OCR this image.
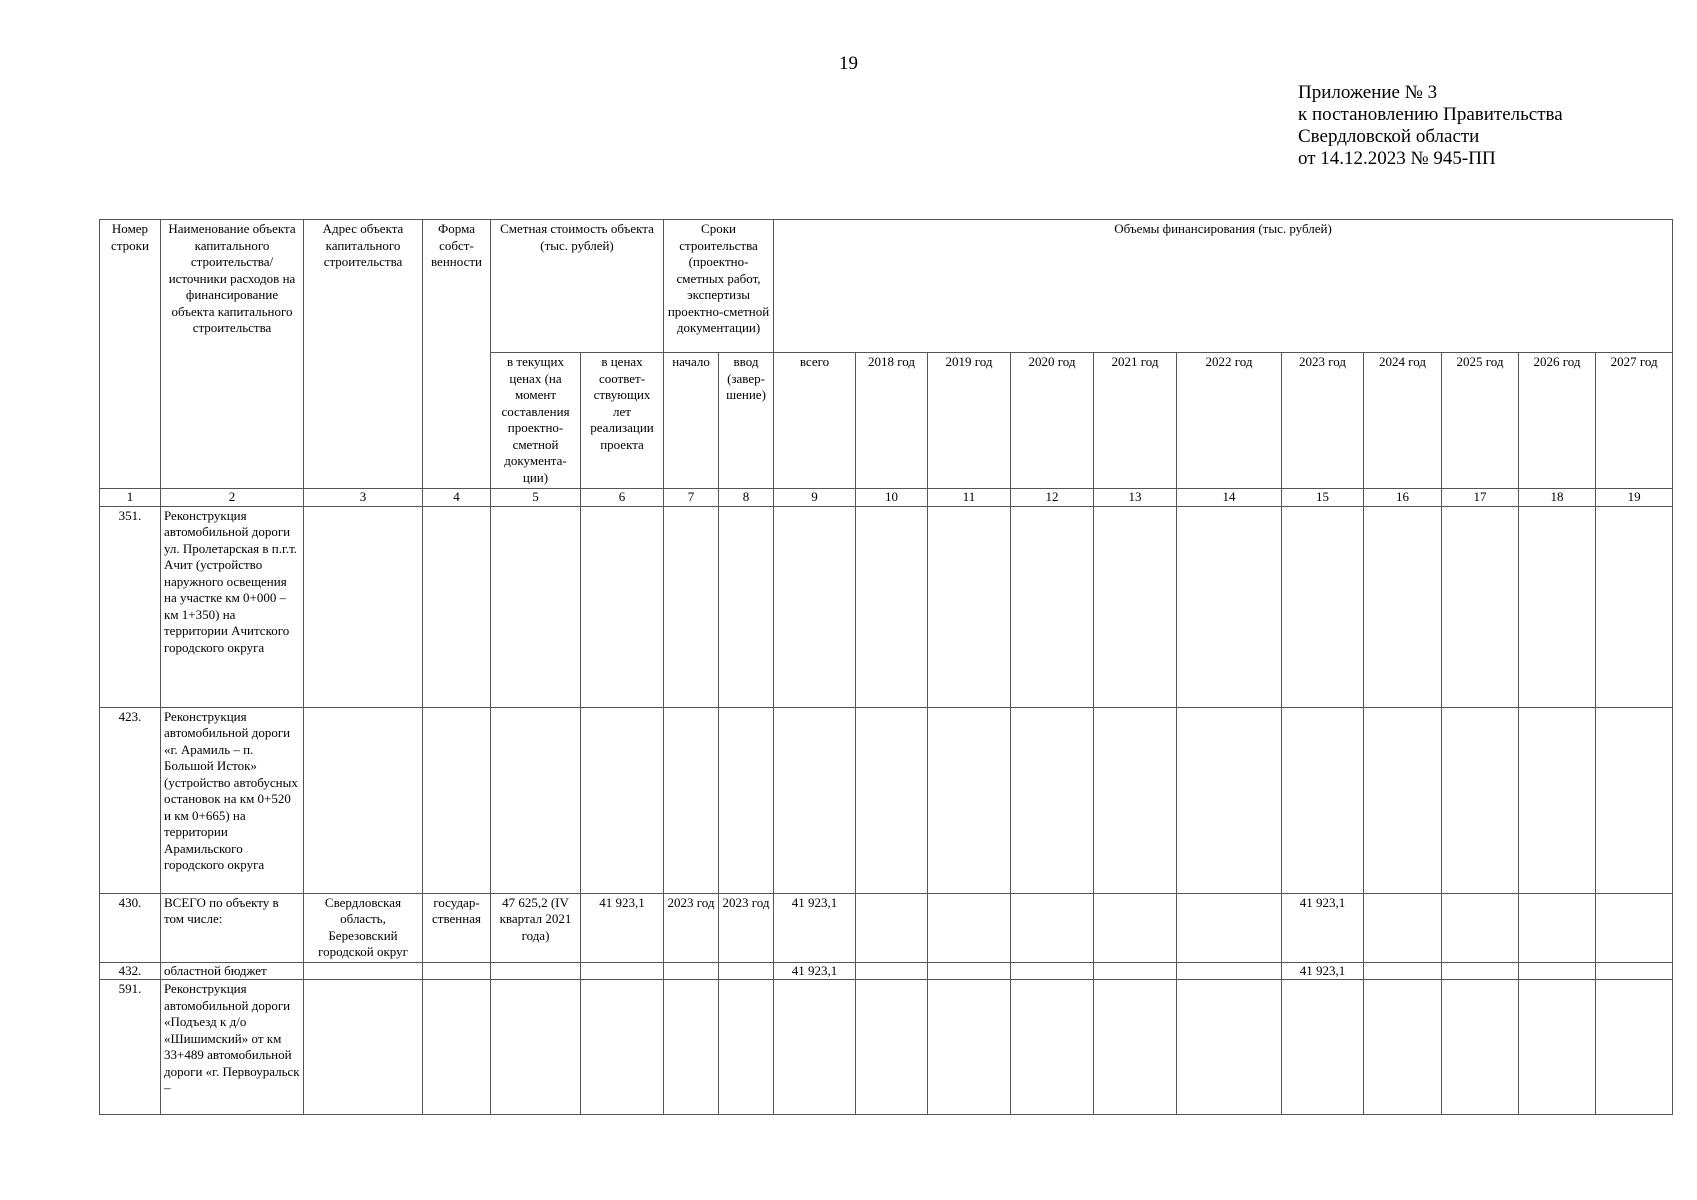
19
Приложение № 3
к постановлению Правительства
Свердловской области
от 14.12.2023 № 945-ПП
Номер строки	Наименование объекта капитального строительства/ источники расходов на финансирование объекта капитального строительства	Адрес объекта капитального строительства	Форма собст-венности	Сметная стоимость объекта (тыс. рублей)		Сроки строительства (проектно-сметных работ, экспертизы проектно-сметной документации)		Объемы финансирования (тыс. рублей)										
				в текущих ценах (на момент составления проектно-сметной документа-ции)	в ценах соответ-ствующих лет реализации проекта	начало	ввод (завер-шение)	всего	2018 год	2019 год	2020 год	2021 год	2022 год	2023 год	2024 год	2025 год	2026 год	2027 год
1	2	3	4	5	6	7	8	9	10	11	12	13	14	15	16	17	18	19
351.	Реконструкция автомобильной дороги ул. Пролетарская в п.г.т. Ачит (устройство наружного освещения на участке км 0+000 – км 1+350) на территории Ачитского городского округа																	
423.	Реконструкция автомобильной дороги «г. Арамиль – п. Большой Исток» (устройство автобусных остановок на км 0+520 и км 0+665) на территории Арамильского городского округа																	
430.	ВСЕГО по объекту в том числе:	Свердловская область, Березовский городской округ	государ-ственная	47 625,2 (IV квартал 2021 года)	41 923,1	2023 год	2023 год	41 923,1						41 923,1				
432.	областной бюджет							41 923,1						41 923,1				
591.	Реконструкция автомобильной дороги «Подъезд к д/о «Шишимский» от км 33+489 автомобильной дороги «г. Первоуральск –																	
